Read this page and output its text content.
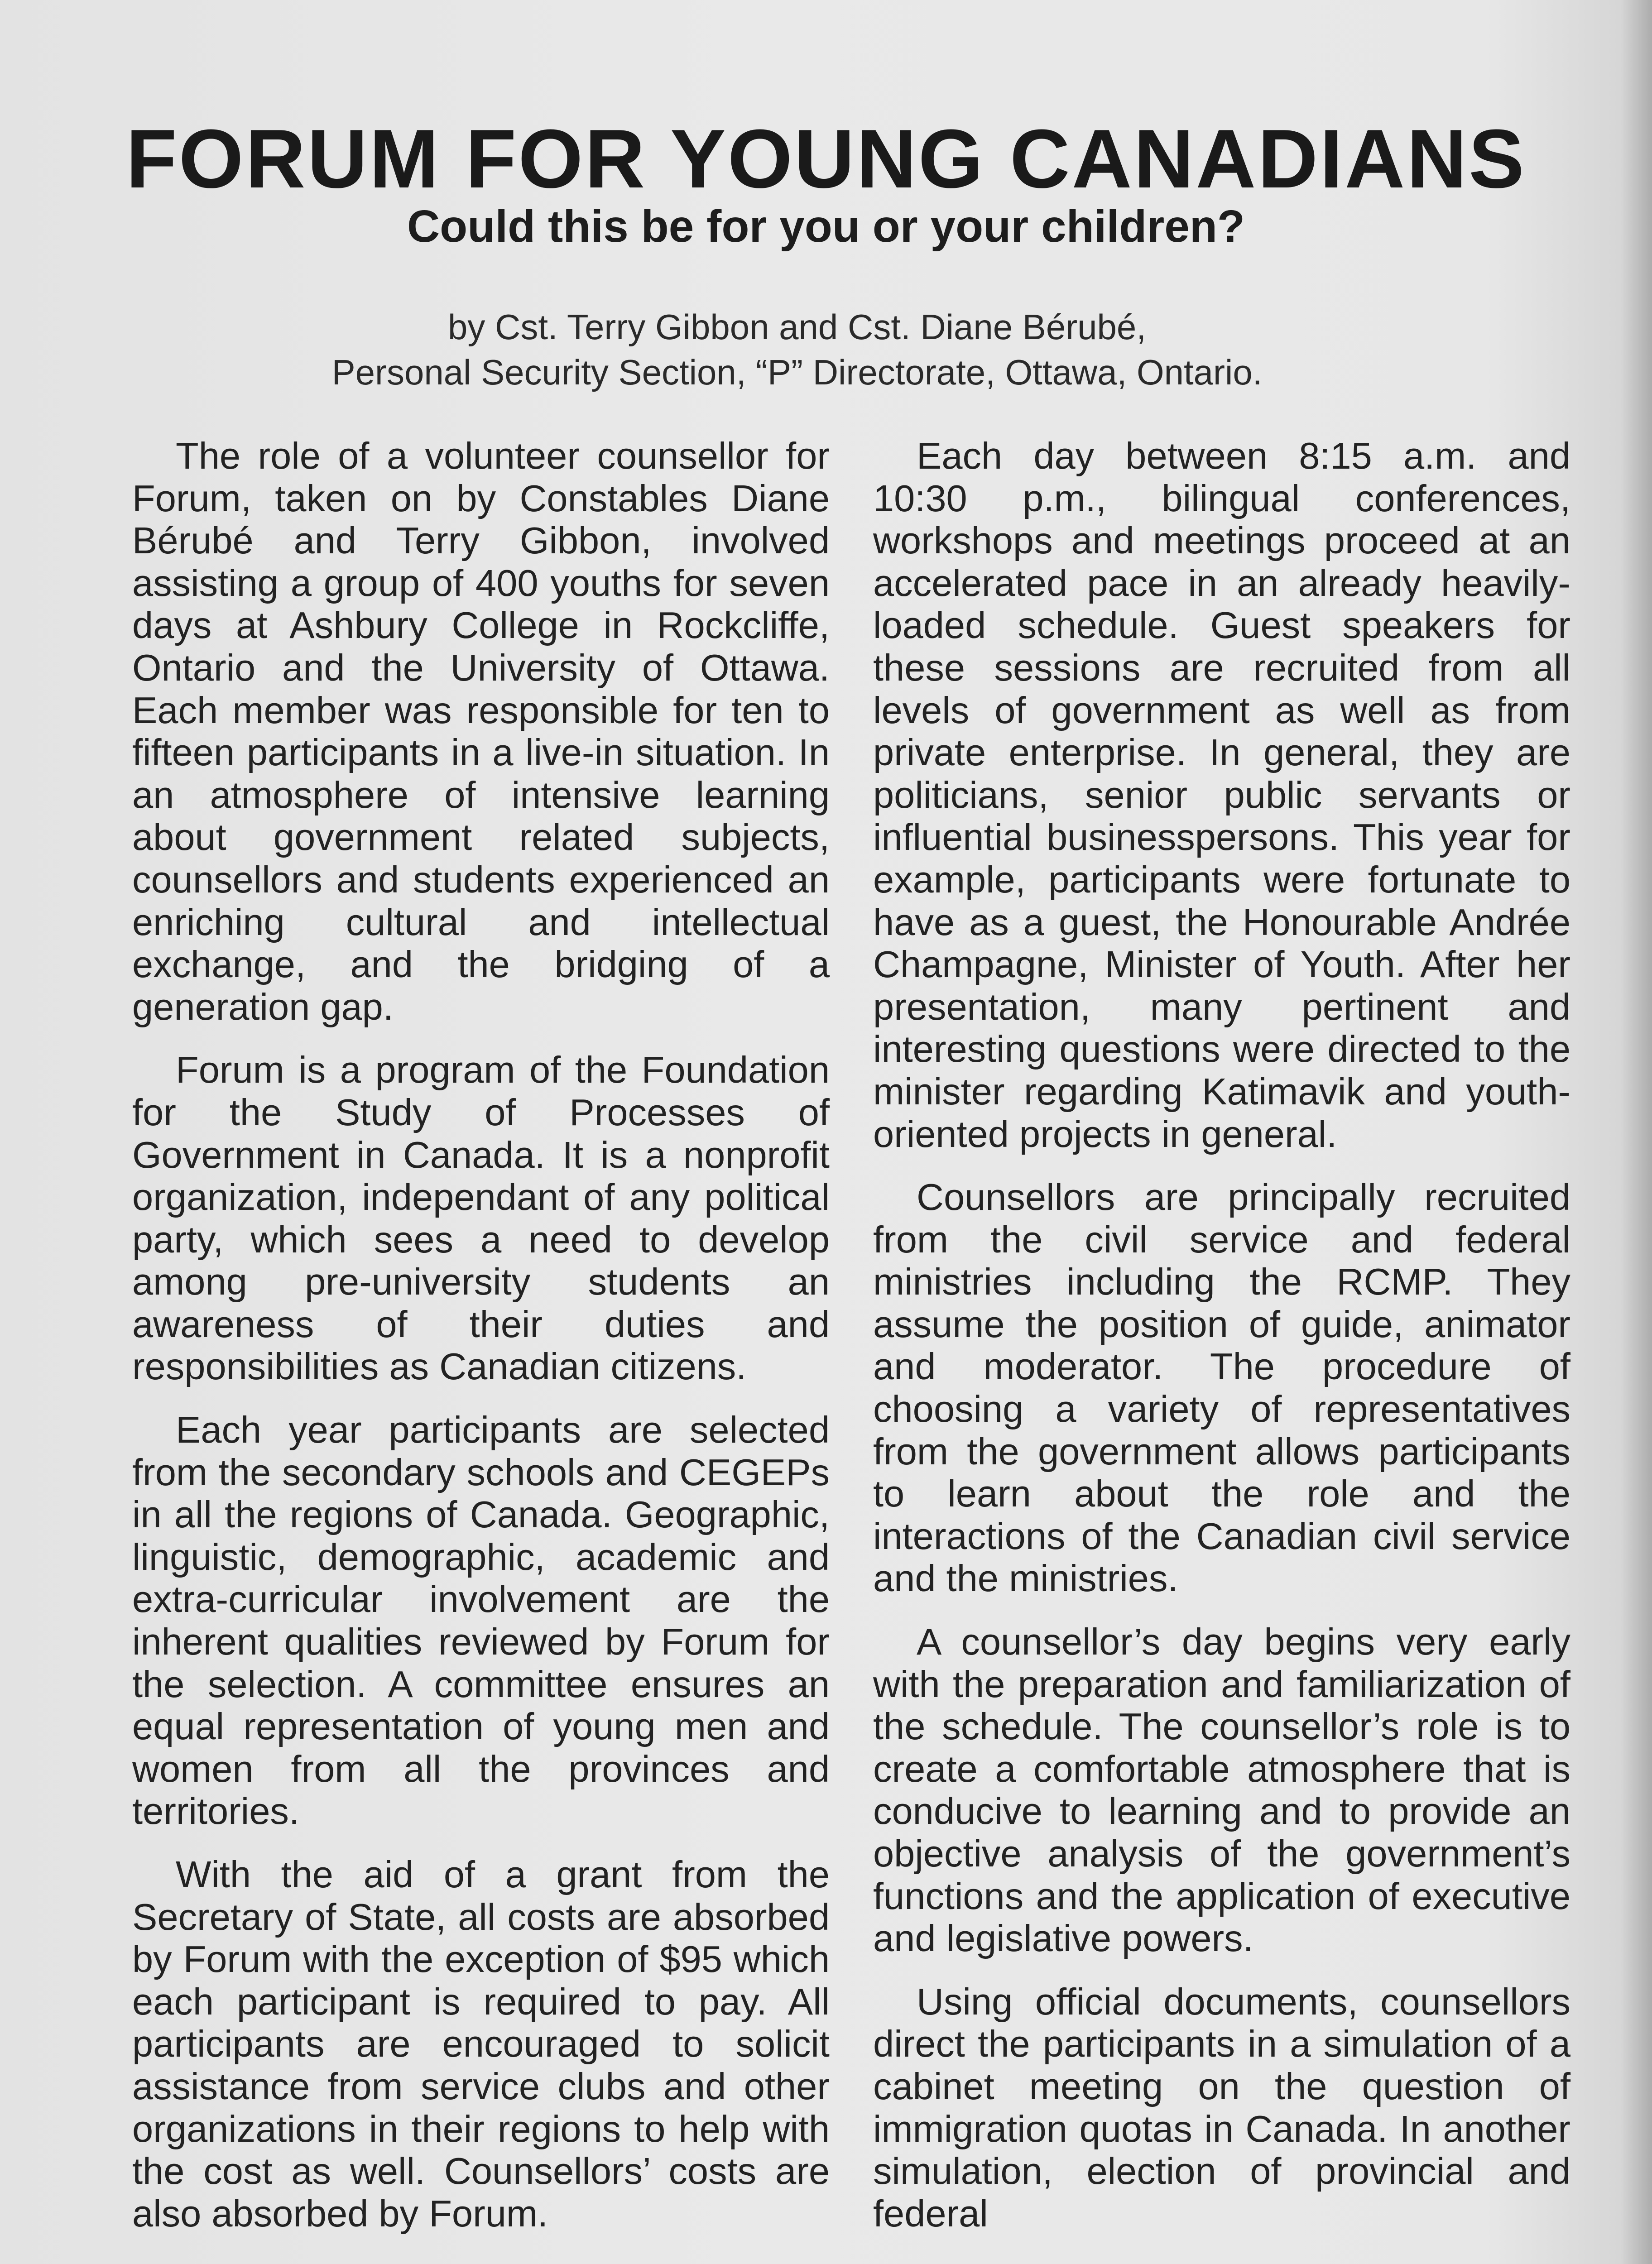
FORUM FOR YOUNG CANADIANS
Could this be for you or your children?
by Cst. Terry Gibbon and Cst. Diane Bérubé,
Personal Security Section, “P” Directorate, Ottawa, Ontario.

The role of a volunteer counsellor for Forum, taken on by Constables Diane Bérubé and Terry Gibbon, involved assisting a group of 400 youths for seven days at Ashbury College in Rockcliffe, Ontario and the University of Ottawa. Each member was responsible for ten to fifteen participants in a live-in situation. In an atmosphere of intensive learning about government related subjects, counsellors and students experienced an enriching cultural and intellectual exchange, and the bridging of a generation gap.

Forum is a program of the Foundation for the Study of Processes of Government in Canada. It is a nonprofit organization, independant of any political party, which sees a need to develop among pre-university students an awareness of their duties and responsibilities as Canadian citizens.

Each year participants are selected from the secondary schools and CEGEPs in all the regions of Canada. Geographic, linguistic, demographic, academic and extra-curricular involvement are the inherent qualities reviewed by Forum for the selection. A committee ensures an equal representation of young men and women from all the provinces and territories.

With the aid of a grant from the Secretary of State, all costs are absorbed by Forum with the exception of $95 which each participant is required to pay. All participants are encouraged to solicit assistance from service clubs and other organizations in their regions to help with the cost as well. Counsellors’ costs are also absorbed by Forum.

Each day between 8:15 a.m. and 10:30 p.m., bilingual conferences, workshops and meetings proceed at an accelerated pace in an already heavily-loaded schedule. Guest speakers for these sessions are recruited from all levels of government as well as from private enterprise. In general, they are politicians, senior public servants or influential businesspersons. This year for example, participants were fortunate to have as a guest, the Honourable Andrée Champagne, Minister of Youth. After her presentation, many pertinent and interesting questions were directed to the minister regarding Katimavik and youth-oriented projects in general.

Counsellors are principally recruited from the civil service and federal ministries including the RCMP. They assume the position of guide, animator and moderator. The procedure of choosing a variety of representatives from the government allows participants to learn about the role and the interactions of the Canadian civil service and the ministries.

A counsellor’s day begins very early with the preparation and familiarization of the schedule. The counsellor’s role is to create a comfortable atmosphere that is conducive to learning and to provide an objective analysis of the government’s functions and the application of executive and legislative powers.

Using official documents, counsellors direct the participants in a simulation of a cabinet meeting on the question of immigration quotas in Canada. In another simulation, election of provincial and federal
